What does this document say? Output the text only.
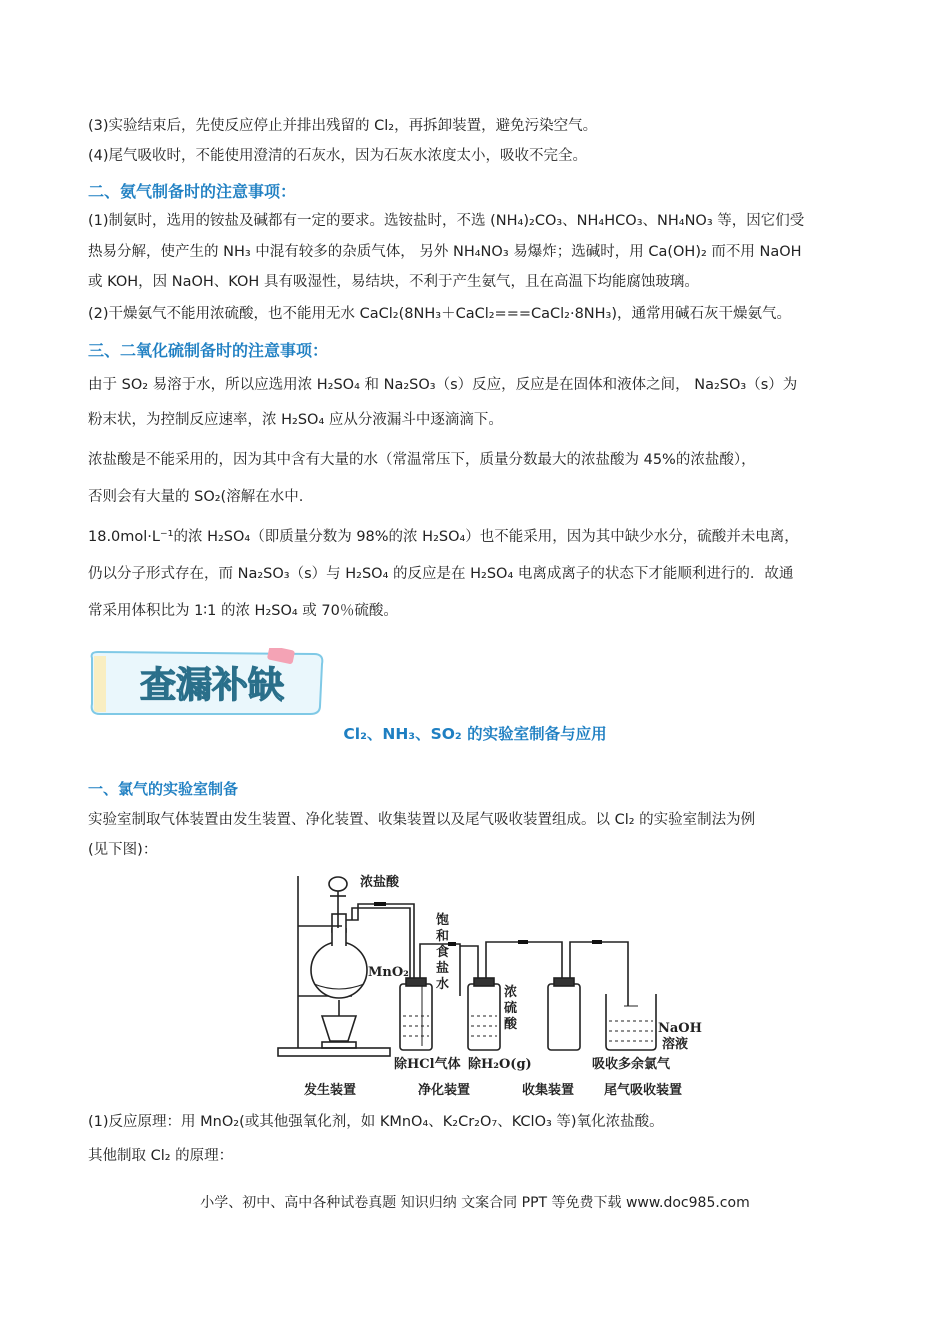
(3)实验结束后，先使反应停止并排出残留的 Cl₂，再拆卸装置，避免污染空气。
(4)尾气吸收时，不能使用澄清的石灰水，因为石灰水浓度太小，吸收不完全。
二、氨气制备时的注意事项：
(1)制氨时，选用的铵盐及碱都有一定的要求。选铵盐时，不选 (NH₄)₂CO₃、NH₄HCO₃、NH₄NO₃ 等，因它们受
热易分解，使产生的 NH₃ 中混有较多的杂质气体， 另外 NH₄NO₃ 易爆炸；选碱时，用 Ca(OH)₂ 而不用 NaOH
或 KOH，因 NaOH、KOH 具有吸湿性，易结块，不利于产生氨气，且在高温下均能腐蚀玻璃。
(2)干燥氨气不能用浓硫酸，也不能用无水 CaCl₂(8NH₃＋CaCl₂===CaCl₂·8NH₃)，通常用碱石灰干燥氨气。
三、二氧化硫制备时的注意事项：
由于 SO₂ 易溶于水，所以应选用浓 H₂SO₄ 和 Na₂SO₃（s）反应，反应是在固体和液体之间， Na₂SO₃（s）为
粉末状，为控制反应速率，浓 H₂SO₄ 应从分液漏斗中逐滴滴下。
浓盐酸是不能采用的，因为其中含有大量的水（常温常压下，质量分数最大的浓盐酸为 45%的浓盐酸），
否则会有大量的 SO₂(溶解在水中.
18.0mol·L⁻¹的浓 H₂SO₄（即质量分数为 98%的浓 H₂SO₄）也不能采用，因为其中缺少水分，硫酸并未电离，
仍以分子形式存在，而 Na₂SO₃（s）与 H₂SO₄ 的反应是在 H₂SO₄ 电离成离子的状态下才能顺利进行的．故通
常采用体积比为 1∶1 的浓 H₂SO₄ 或 70％硫酸。
查漏补缺
Cl₂、NH₃、SO₂ 的实验室制备与应用
一、氯气的实验室制备
实验室制取气体装置由发生装置、净化装置、收集装置以及尾气吸收装置组成。以 Cl₂ 的实验室制法为例
(见下图)：
浓盐酸
MnO₂
饱
和
食
盐
水
浓
硫
酸	NaOH
溶液
除HCl气体 除H₂O(g)	吸收多余氯气
发生装置	净化装置	收集装置 尾气吸收装置
(1)反应原理：用 MnO₂(或其他强氧化剂，如 KMnO₄、K₂Cr₂O₇、KClO₃ 等)氧化浓盐酸。
其他制取 Cl₂ 的原理：
小学、初中、高中各种试卷真题 知识归纳 文案合同 PPT 等免费下载 www.doc985.com
